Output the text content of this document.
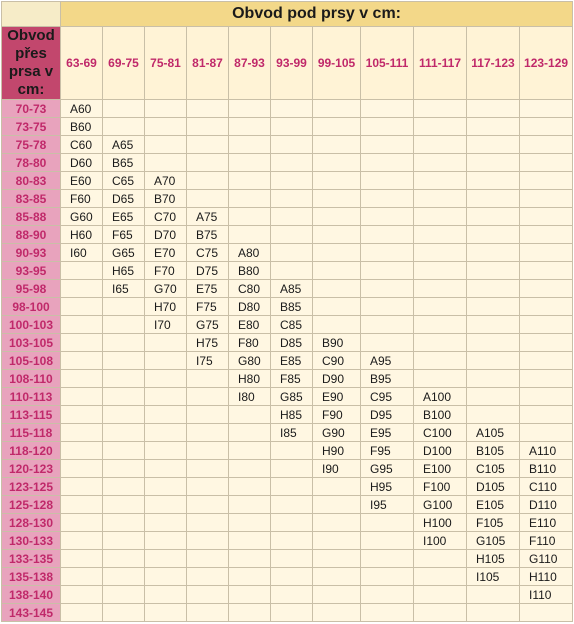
	Obvod pod prsy v cm:										
Obvod přes prsa v cm:	63-69	69-75	75-81	81-87	87-93	93-99	99-105	105-111	111-117	117-123	123-129
70-73	A60										
73-75	B60										
75-78	C60	A65									
78-80	D60	B65									
80-83	E60	C65	A70								
83-85	F60	D65	B70								
85-88	G60	E65	C70	A75							
88-90	H60	F65	D70	B75							
90-93	I60	G65	E70	C75	A80						
93-95		H65	F70	D75	B80						
95-98		I65	G70	E75	C80	A85					
98-100			H70	F75	D80	B85					
100-103			I70	G75	E80	C85					
103-105				H75	F80	D85	B90				
105-108				I75	G80	E85	C90	A95			
108-110					H80	F85	D90	B95			
110-113					I80	G85	E90	C95	A100		
113-115						H85	F90	D95	B100		
115-118						I85	G90	E95	C100	A105	
118-120							H90	F95	D100	B105	A110
120-123							I90	G95	E100	C105	B110
123-125								H95	F100	D105	C110
125-128								I95	G100	E105	D110
128-130									H100	F105	E110
130-133									I100	G105	F110
133-135										H105	G110
135-138										I105	H110
138-140											I110
143-145											
